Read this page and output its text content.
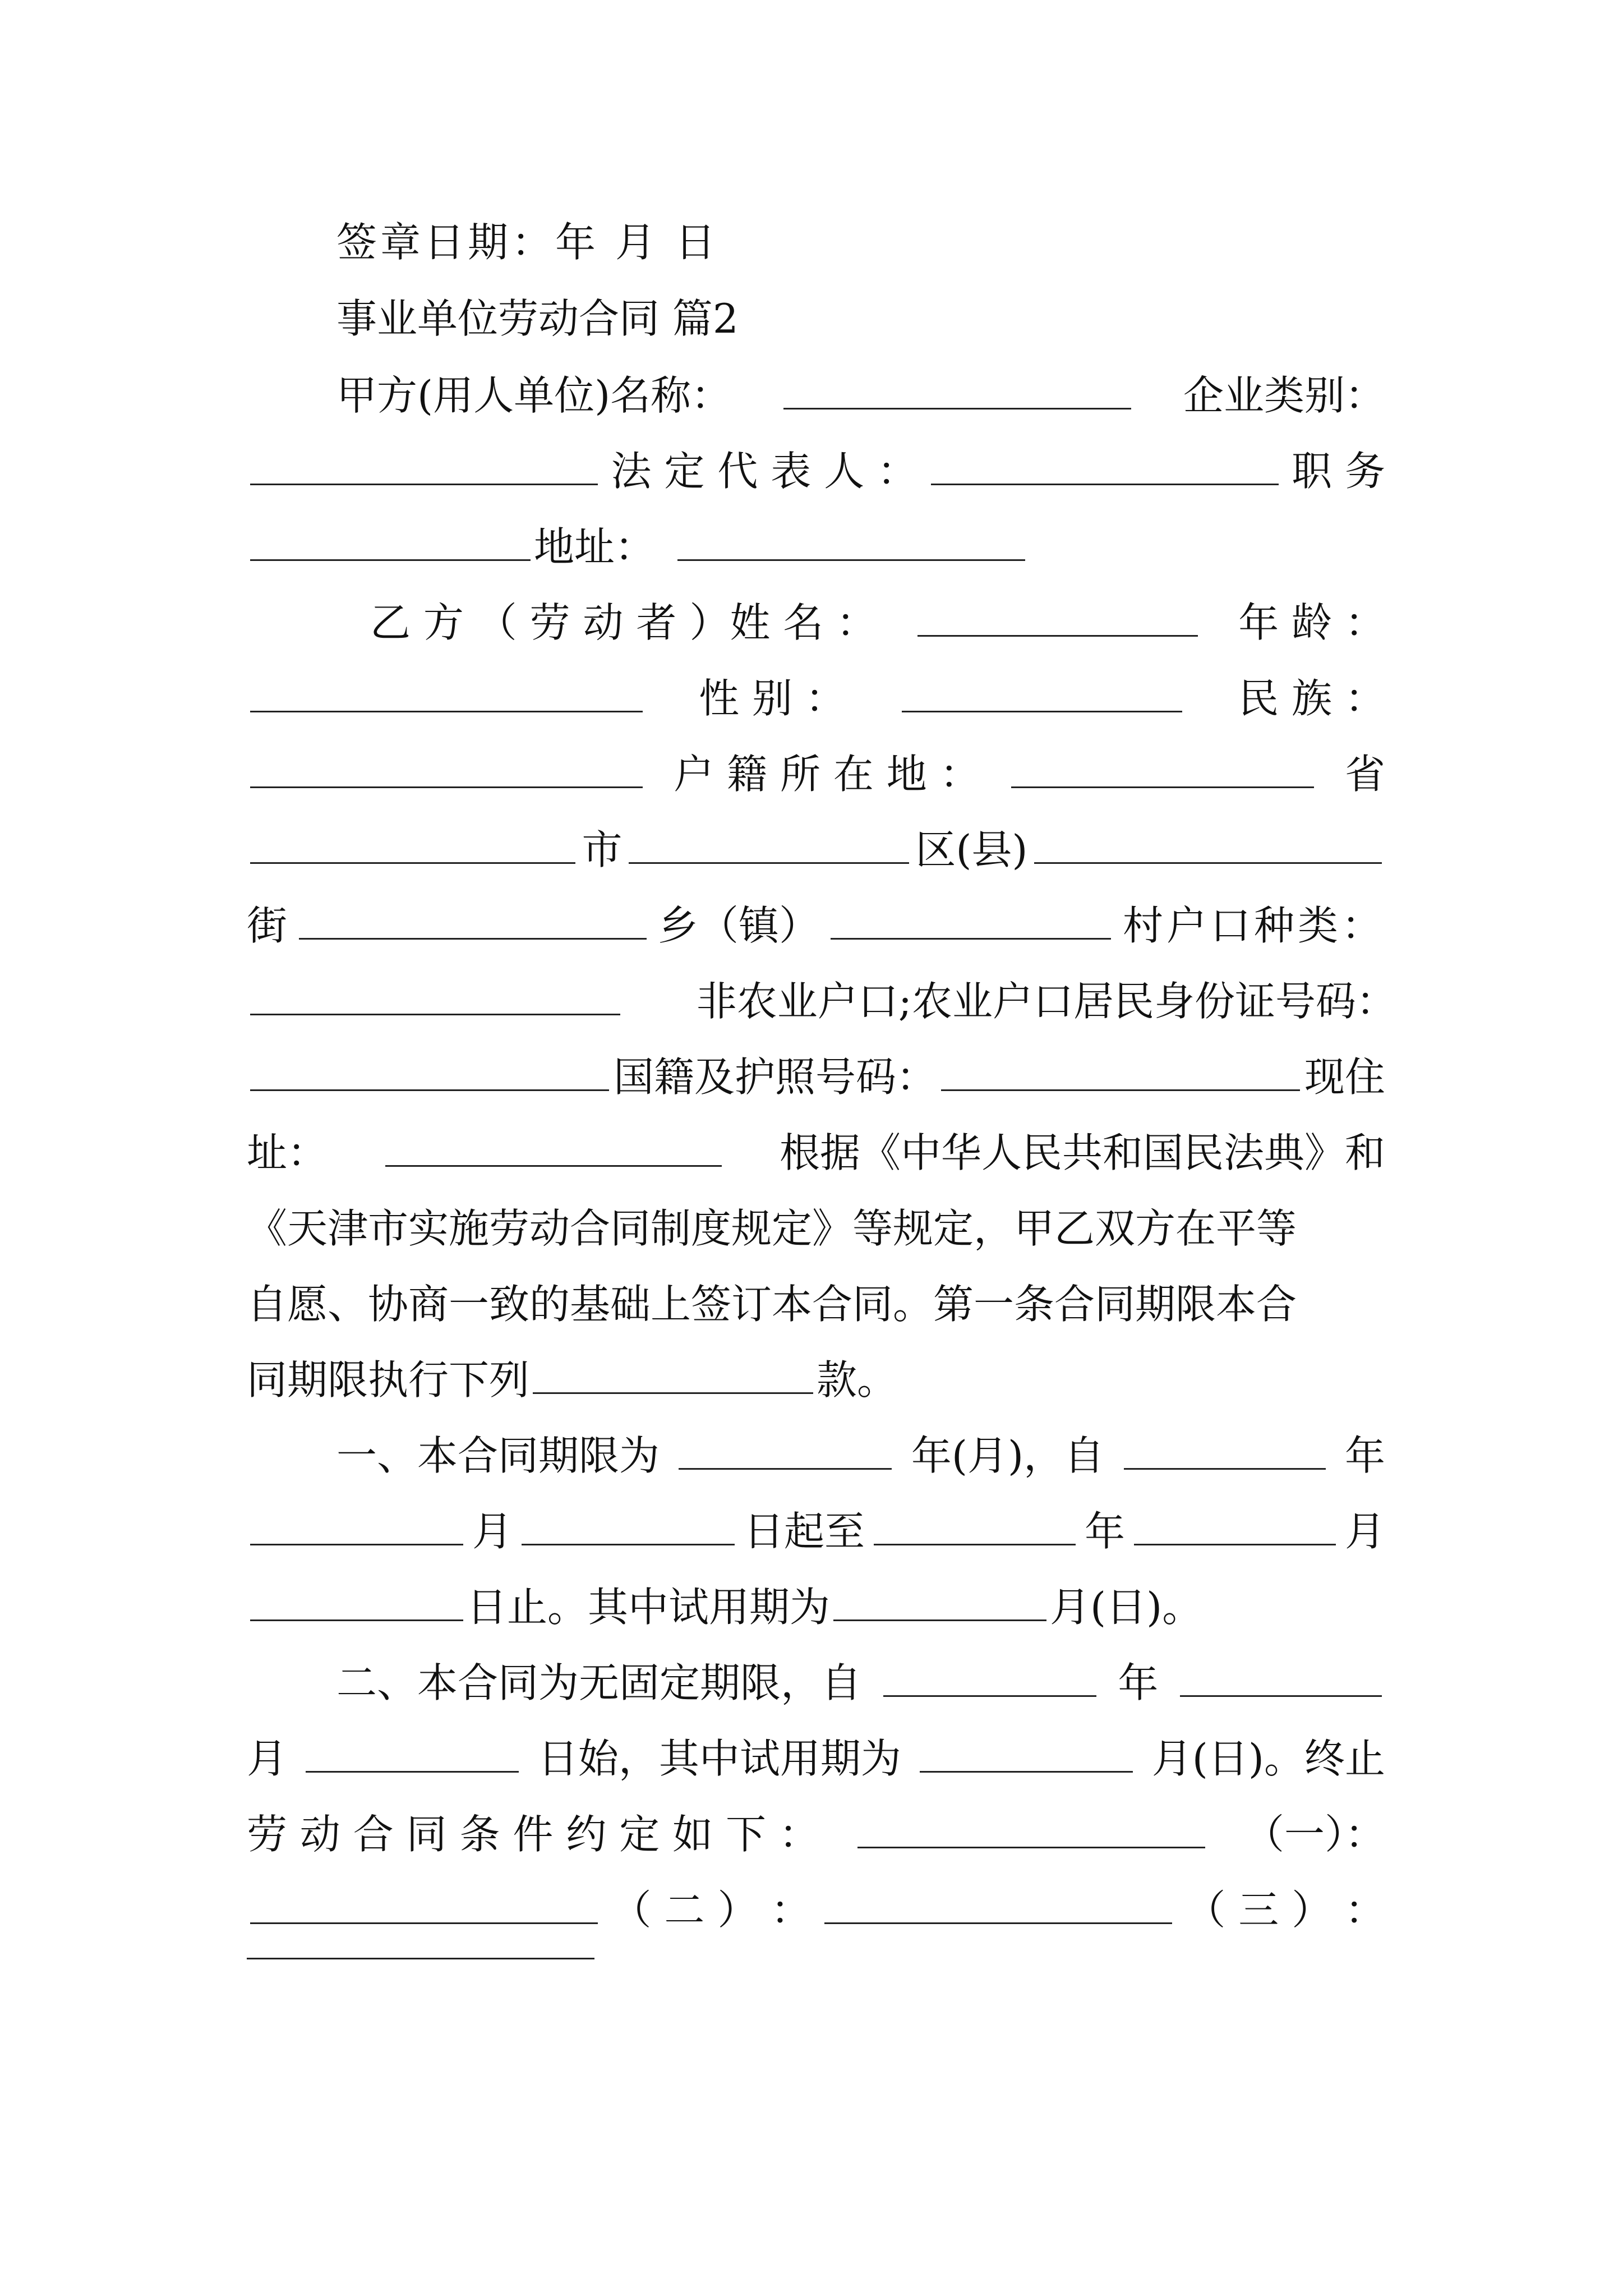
签章日期：年 月 日
事业单位劳动合同 篇2
甲方(用人单位)名称：	企业类别：
法 定 代 表 人 ：	职 务
地址：
乙 方 （ 劳 动 者 ）姓 名 ：	年 龄 ：
性 别 ：	民 族 ：
户 籍 所 在 地 ：	省
市	区(县)
街	乡（镇）	村户口种类：
非农业户口;农业户口居民身份证号码：
国籍及护照号码：	现住
址：	根据《中华人民共和国民法典》和
《天津市实施劳动合同制度规定》等规定，甲乙双方在平等
自愿、协商一致的基础上签订本合同。第一条合同期限本合
同期限执行下列	款。
一、本合同期限为	年(月)，自	年
月	日起至	年	月
日止。其中试用期为	月(日)。
二、本合同为无固定期限，自	年
月	日始，其中试用期为	月(日)。终止
劳 动 合 同 条 件 约 定 如 下 ：	（一）：
（ 二 ） ：	（ 三 ） ：
